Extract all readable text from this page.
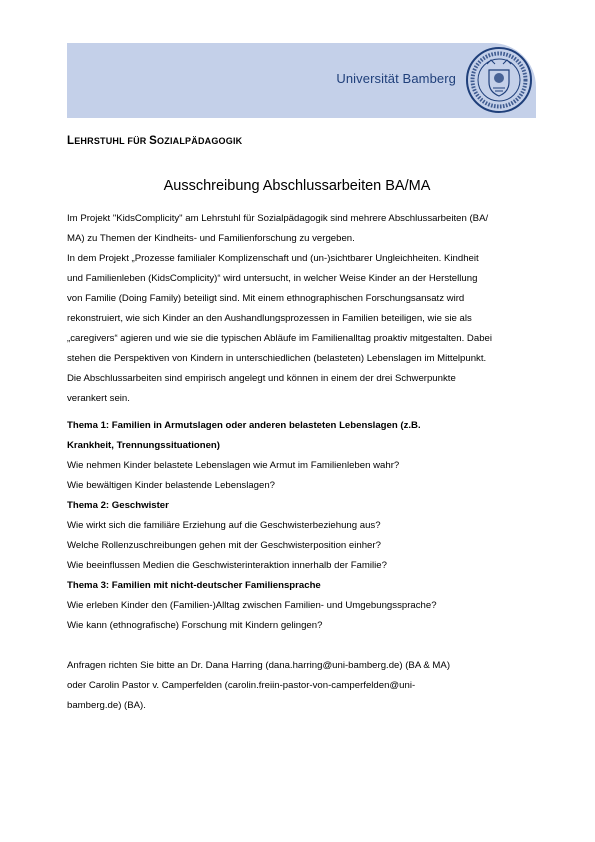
Universität Bamberg
LEHRSTUHL FÜR SOZIALPÄDAGOGIK
Ausschreibung Abschlussarbeiten BA/MA

Im Projekt "KidsComplicity" am Lehrstuhl für Sozialpädagogik sind mehrere Abschlussarbeiten (BA/

MA) zu Themen der Kindheits- und Familienforschung zu vergeben.

In dem Projekt „Prozesse familialer Komplizenschaft und (un-)sichtbarer Ungleichheiten. Kindheit

und Familienleben (KidsComplicity)“ wird untersucht, in welcher Weise Kinder an der Herstellung

von Familie (Doing Family) beteiligt sind. Mit einem ethnographischen Forschungsansatz wird

rekonstruiert, wie sich Kinder an den Aushandlungsprozessen in Familien beteiligen, wie sie als

„caregivers“ agieren und wie sie die typischen Abläufe im Familienalltag proaktiv mitgestalten. Dabei

stehen die Perspektiven von Kindern in unterschiedlichen (belasteten) Lebenslagen im Mittelpunkt.

Die Abschlussarbeiten sind empirisch angelegt und können in einem der drei Schwerpunkte

verankert sein.

Thema 1: Familien in Armutslagen oder anderen belasteten Lebenslagen (z.B.

Krankheit, Trennungssituationen)

Wie nehmen Kinder belastete Lebenslagen wie Armut im Familienleben wahr?

Wie bewältigen Kinder belastende Lebenslagen?

Thema 2: Geschwister

Wie wirkt sich die familiäre Erziehung auf die Geschwisterbeziehung aus?

Welche Rollenzuschreibungen gehen mit der Geschwisterposition einher?

Wie beeinflussen Medien die Geschwisterinteraktion innerhalb der Familie?

Thema 3: Familien mit nicht-deutscher Familiensprache

Wie erleben Kinder den (Familien-)Alltag zwischen Familien- und Umgebungssprache?

Wie kann (ethnografische) Forschung mit Kindern gelingen?

Anfragen richten Sie bitte an Dr. Dana Harring (dana.harring@uni-bamberg.de) (BA & MA)

oder Carolin Pastor v. Camperfelden (carolin.freiin-pastor-von-camperfelden@uni-

bamberg.de) (BA).
